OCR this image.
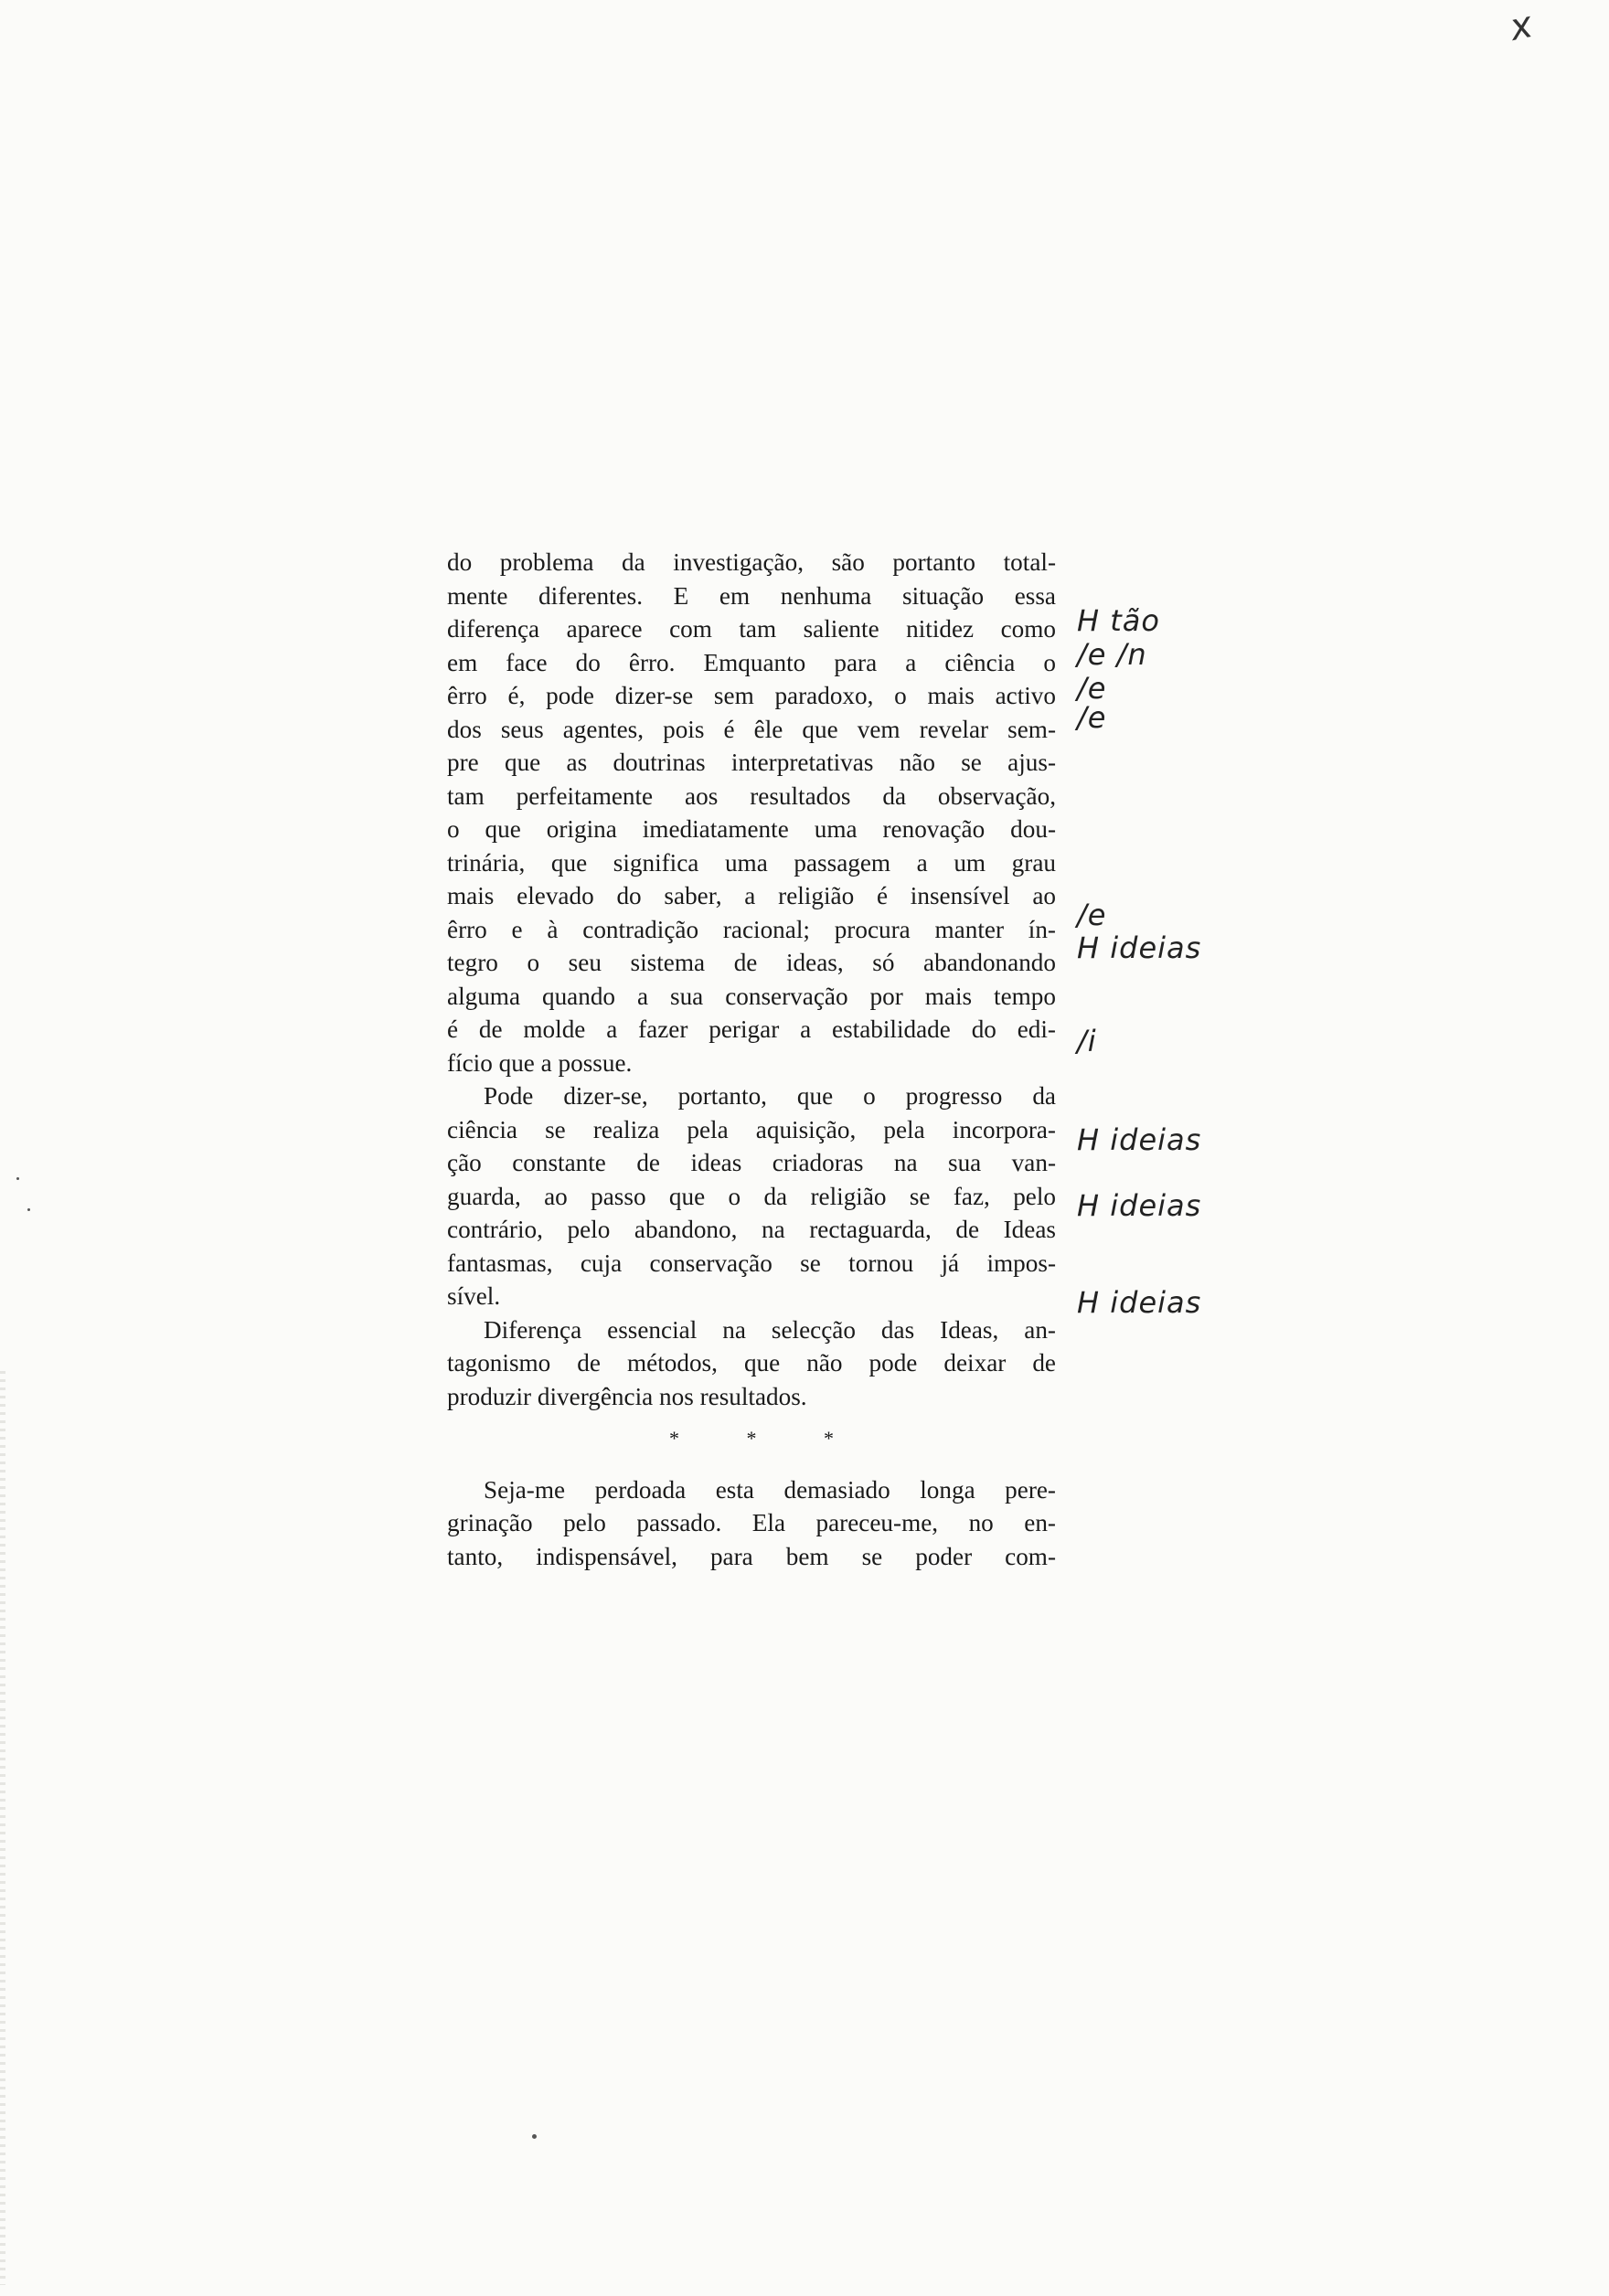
x
do problema da investigação, são portanto total-
mente diferentes. E em nenhuma situação essa
diferença aparece com tam saliente nitidez como
em face do êrro. Emquanto para a ciência o
êrro é, pode dizer-se sem paradoxo, o mais activo
dos seus agentes, pois é êle que vem revelar sem-
pre que as doutrinas interpretativas não se ajus-
tam perfeitamente aos resultados da observação,
o que origina imediatamente uma renovação dou-
trinária, que significa uma passagem a um grau
mais elevado do saber, a religião é insensível ao
êrro e à contradição racional; procura manter ín-
tegro o seu sistema de ideas, só abandonando
alguma quando a sua conservação por mais tempo
é de molde a fazer perigar a estabilidade do edi-
fício que a possue.
Pode dizer-se, portanto, que o progresso da
ciência se realiza pela aquisição, pela incorpora-
ção constante de ideas criadoras na sua van-
guarda, ao passo que o da religião se faz, pelo
contrário, pelo abandono, na rectaguarda, de Ideas
fantasmas, cuja conservação se tornou já impos-
sível.
Diferença essencial na selecção das Ideas, an-
tagonismo de métodos, que não pode deixar de
produzir divergência nos resultados.
* * *
Seja-me perdoada esta demasiado longa pere-
grinação pelo passado. Ela pareceu-me, no en-
tanto, indispensável, para bem se poder com-
H tão
/e /n
/e
/e
/e
H ideias
/i
H ideias
H ideias
H ideias
